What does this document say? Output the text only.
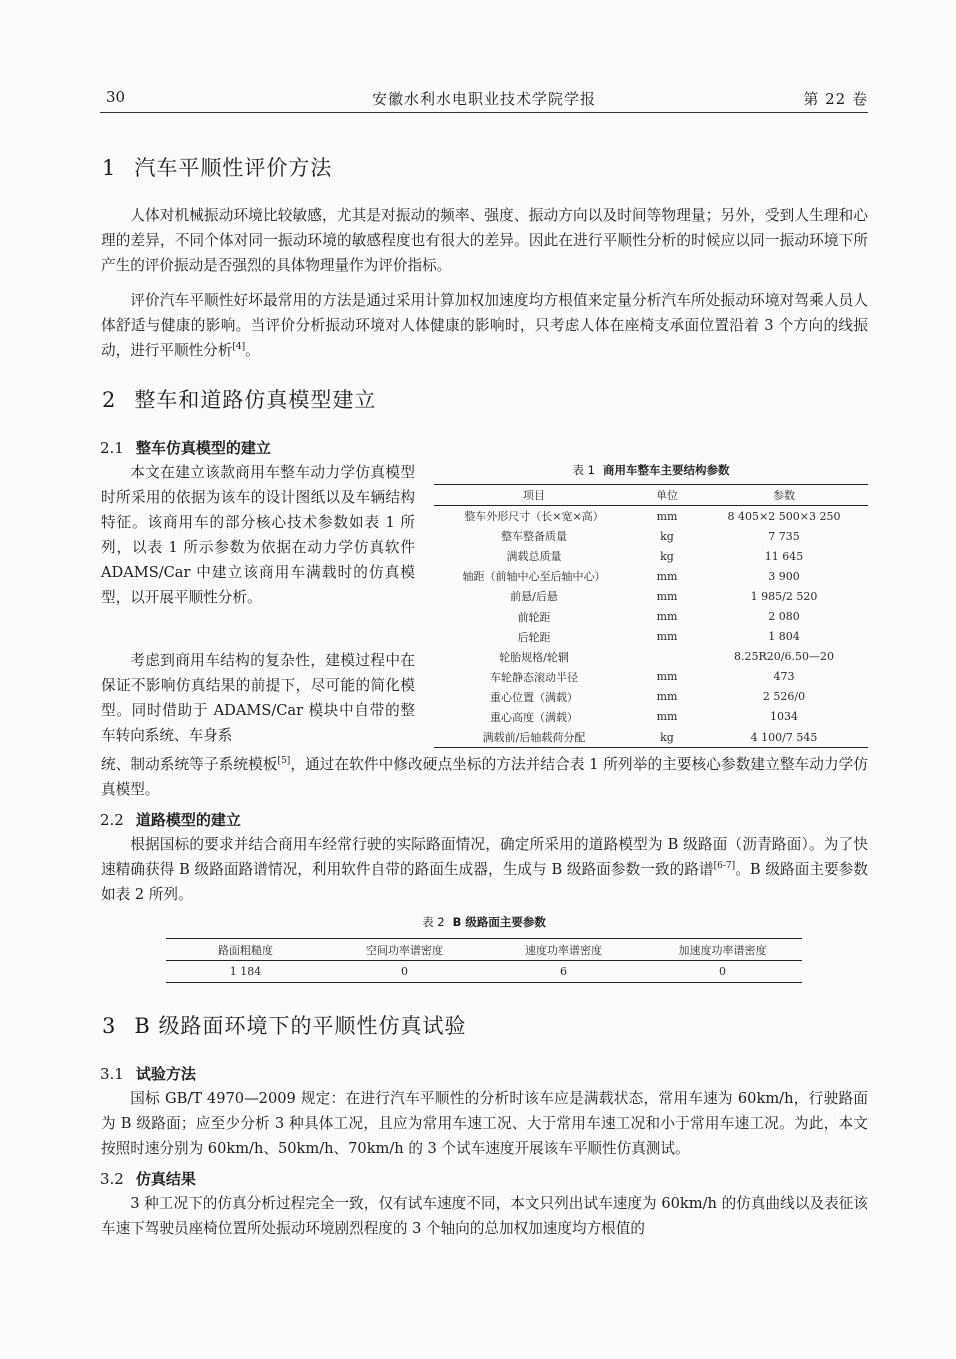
30	安徽水利水电职业技术学院学报	第 22 卷
1 汽车平顺性评价方法

人体对机械振动环境比较敏感，尤其是对振动的频率、强度、振动方向以及时间等物理量；另外，受到人生理和心理的差异，不同个体对同一振动环境的敏感程度也有很大的差异。因此在进行平顺性分析的时候应以同一振动环境下所产生的评价振动是否强烈的具体物理量作为评价指标。

评价汽车平顺性好坏最常用的方法是通过采用计算加权加速度均方根值来定量分析汽车所处振动环境对驾乘人员人体舒适与健康的影响。当评价分析振动环境对人体健康的影响时，只考虑人体在座椅支承面位置沿着 3 个方向的线振动，进行平顺性分析[4]。

2 整车和道路仿真模型建立
2.1 整车仿真模型的建立

本文在建立该款商用车整车动力学仿真模型时所采用的依据为该车的设计图纸以及车辆结构特征。该商用车的部分核心技术参数如表 1 所列，以表 1 所示参数为依据在动力学仿真软件 ADAMS/Car 中建立该商用车满载时的仿真模型，以开展平顺性分析。

考虑到商用车结构的复杂性，建模过程中在保证不影响仿真结果的前提下，尽可能的简化模型。同时借助于 ADAMS/Car 模块中自带的整车转向系统、车身系

统、制动系统等子系统模板[5]，通过在软件中修改硬点坐标的方法并结合表 1 所列举的主要核心参数建立整车动力学仿真模型。

表 1 商用车整车主要结构参数
项目	单位	参数
整车外形尺寸（长×宽×高）	mm	8 405×2 500×3 250
整车整备质量	kg	7 735
满载总质量	kg	11 645
轴距（前轴中心至后轴中心）	mm	3 900
前悬/后悬	mm	1 985/2 520
前轮距	mm	2 080
后轮距	mm	1 804
轮胎规格/轮辋		8.25R20/6.50—20
车轮静态滚动半径	mm	473
重心位置（满载）	mm	2 526/0
重心高度（满载）	mm	1034
满载前/后轴载荷分配	kg	4 100/7 545
2.2 道路模型的建立

根据国标的要求并结合商用车经常行驶的实际路面情况，确定所采用的道路模型为 B 级路面（沥青路面）。为了快速精确获得 B 级路面路谱情况，利用软件自带的路面生成器，生成与 B 级路面参数一致的路谱[6-7]。B 级路面主要参数如表 2 所列。

表 2 B 级路面主要参数
路面粗糙度	空间功率谱密度	速度功率谱密度	加速度功率谱密度
1 184	0	6	0
3 B 级路面环境下的平顺性仿真试验
3.1 试验方法

国标 GB/T 4970—2009 规定：在进行汽车平顺性的分析时该车应是满载状态，常用车速为 60km/h，行驶路面为 B 级路面；应至少分析 3 种具体工况，且应为常用车速工况、大于常用车速工况和小于常用车速工况。为此，本文按照时速分别为 60km/h、50km/h、70km/h 的 3 个试车速度开展该车平顺性仿真测试。

3.2 仿真结果

3 种工况下的仿真分析过程完全一致，仅有试车速度不同，本文只列出试车速度为 60km/h 的仿真曲线以及表征该车速下驾驶员座椅位置所处振动环境剧烈程度的 3 个轴向的总加权加速度均方根值的
